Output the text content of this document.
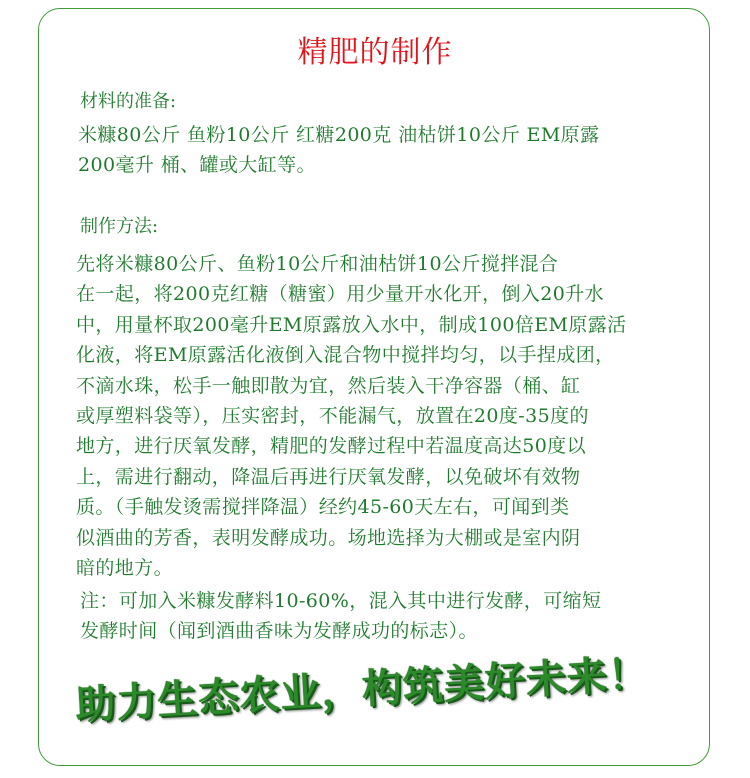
精肥的制作
材料的准备:
米糠80公斤 鱼粉10公斤 红糖200克 油枯饼10公斤 EM原露
200毫升 桶、罐或大缸等。
制作方法:
先将米糠80公斤、鱼粉10公斤和油枯饼10公斤搅拌混合
在一起，将200克红糖（糖蜜）用少量开水化开，倒入20升水
中，用量杯取200毫升EM原露放入水中，制成100倍EM原露活
化液，将EM原露活化液倒入混合物中搅拌均匀，以手捏成团，
不滴水珠，松手一触即散为宜，然后装入干净容器（桶、缸
或厚塑料袋等），压实密封，不能漏气，放置在20度-35度的
地方，进行厌氧发酵，精肥的发酵过程中若温度高达50度以
上，需进行翻动，降温后再进行厌氧发酵，以免破坏有效物
质。（手触发烫需搅拌降温）经约45-60天左右，可闻到类
似酒曲的芳香，表明发酵成功。场地选择为大棚或是室内阴
暗的地方。
注：可加入米糠发酵料10-60%，混入其中进行发酵，可缩短
发酵时间（闻到酒曲香味为发酵成功的标志）。
助力生态农业，构筑美好未来！
